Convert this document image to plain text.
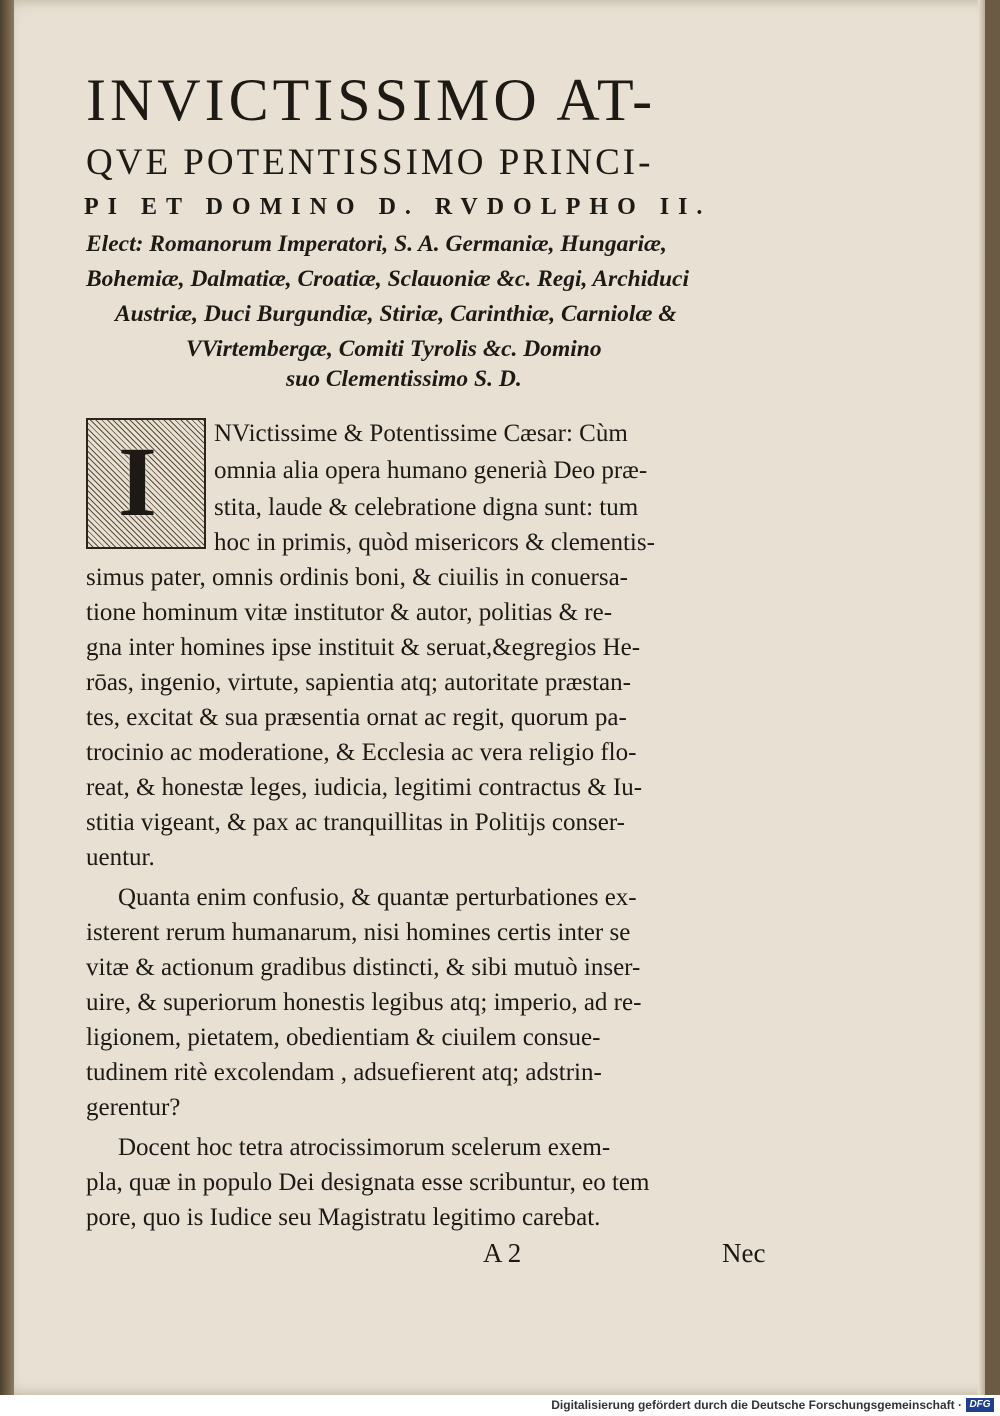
INVICTISSIMO AT-
QVE POTENTISSIMO PRINCI-
PI ET DOMINO D. RVDOLPHO II.
Elect: Romanorum Imperatori, S. A. Germaniæ, Hungariæ,
Bohemiæ, Dalmatiæ, Croatiæ, Sclauoniæ &c. Regi, Archiduci
Austriæ, Duci Burgundiæ, Stiriæ, Carinthiæ, Carniolæ &
VVirtembergæ, Comiti Tyrolis &c. Domino
suo Clementissimo S. D.
I NVictissime & Potentissime Cæsar: Cùm
omnia alia opera humano generià Deo præ-
stita, laude & celebratione digna sunt: tum
hoc in primis, quòd misericors & clementis-
simus pater, omnis ordinis boni, & ciuilis in conuersa-
tione hominum vitæ institutor & autor, politias & re-
gna inter homines ipse instituit & seruat,&egregios He-
rōas, ingenio, virtute, sapientia atq; autoritate præstan-
tes, excitat & sua præsentia ornat ac regit, quorum pa-
trocinio ac moderatione, & Ecclesia ac vera religio flo-
reat, & honestæ leges, iudicia, legitimi contractus & Iu-
stitia vigeant, & pax ac tranquillitas in Politijs conser-
uentur.
Quanta enim confusio, & quantæ perturbationes ex-
isterent rerum humanarum, nisi homines certis inter se
vitæ & actionum gradibus distincti, & sibi mutuò inser-
uire, & superiorum honestis legibus atq; imperio, ad re-
ligionem, pietatem, obedientiam & ciuilem consue-
tudinem ritè excolendam , adsuefierent atq; adstrin-
gerentur?
Docent hoc tetra atrocissimorum scelerum exem-
pla, quæ in populo Dei designata esse scribuntur, eo tem
pore, quo is Iudice seu Magistratu legitimo carebat.
A 2	Nec
Digitalisierung gefördert durch die Deutsche Forschungsgemeinschaft · DFG
